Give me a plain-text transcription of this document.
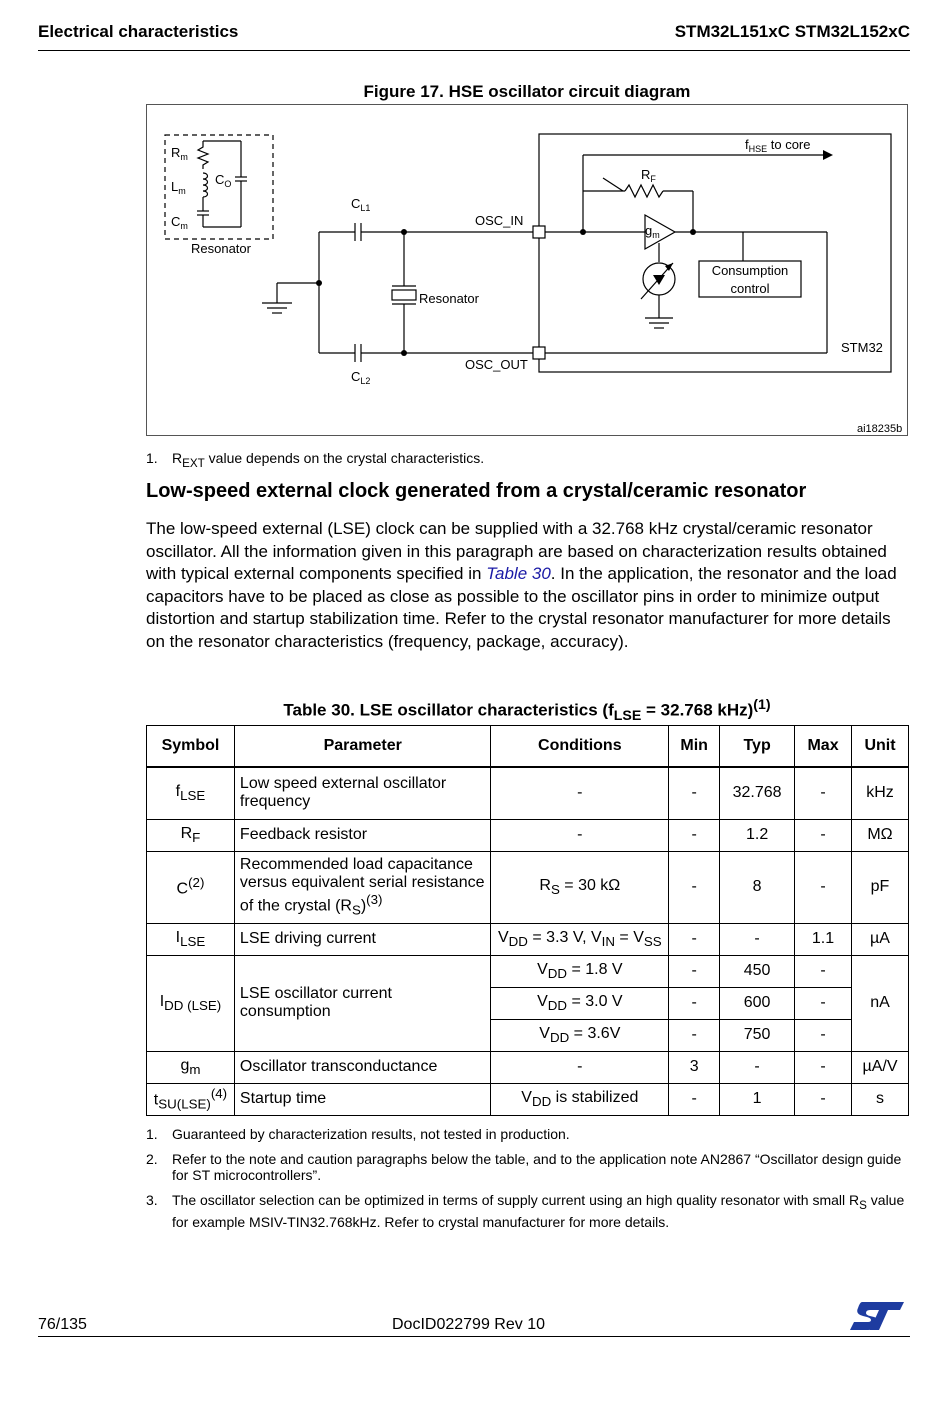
Electrical characteristics	STM32L151xC STM32L152xC
Figure 17. HSE oscillator circuit diagram
$R_m$
$L_m$
$C_m$
$C_O$
Resonator
$C_{L1}$
$C_{L2}$
Resonator
OSC_IN
OSC_OUT
$f_{HSE}$ to core
$R_F$
$g_m$
Consumption
control
STM32
ai18235b
1. $R_{EXT}$ value depends on the crystal characteristics.
Low-speed external clock generated from a crystal/ceramic resonator

The low-speed external (LSE) clock can be supplied with a 32.768 kHz crystal/ceramic resonator oscillator. All the information given in this paragraph are based on characterization results obtained with typical external components specified in Table 30. In the application, the resonator and the load capacitors have to be placed as close as possible to the oscillator pins in order to minimize output distortion and startup stabilization time. Refer to the crystal resonator manufacturer for more details on the resonator characteristics (frequency, package, accuracy).

Table 30. LSE oscillator characteristics ($f_{LSE} = 32.768$ kHz)$^{(1)}$
Symbol	Parameter	Conditions	Min	Typ	Max	Unit
$f_{LSE}$	Low speed external oscillator frequency	-	-	32.768	-	kHz
$R_F$	Feedback resistor	-	-	1.2	-	MΩ
$C^{(2)}$	Recommended load capacitance versus equivalent serial resistance of the crystal $(R_S)^{(3)}$	$R_S = 30$ kΩ	-	8	-	pF
$I_{LSE}$	LSE driving current	$V_{DD} = 3.3$ V, $V_{IN} = V_{SS}$	-	-	1.1	µA
$I_{DD (LSE)}$	LSE oscillator current consumption	$V_{DD} = 1.8$ V	-	450	-	nA
		$V_{DD} = 3.0$ V	-	600	-	
		$V_{DD} = 3.6V$	-	750	-	
$g_m$	Oscillator transconductance	-	3	-	-	µA/V
$t_{SU(LSE)}^{(4)}$	Startup time	$V_{DD}$ is stabilized	-	1	-	s
1. Guaranteed by characterization results, not tested in production.
2. Refer to the note and caution paragraphs below the table, and to the application note AN2867 “Oscillator design guide for ST microcontrollers”.
3. The oscillator selection can be optimized in terms of supply current using an high quality resonator with small $R_S$ value for example MSIV-TIN32.768kHz. Refer to crystal manufacturer for more details.
76/135	DocID022799 Rev 10
